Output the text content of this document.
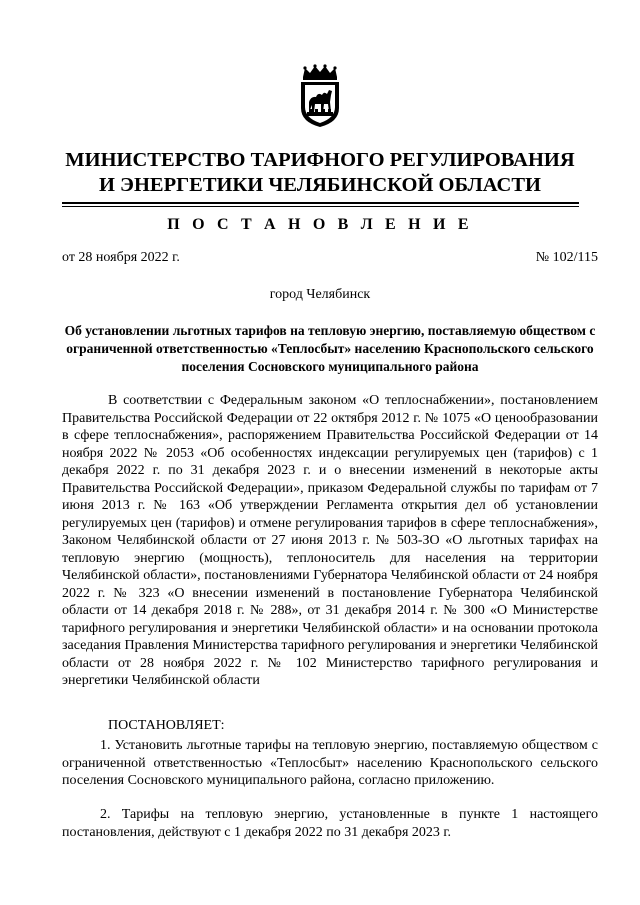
МИНИСТЕРСТВО ТАРИФНОГО РЕГУЛИРОВАНИЯ
И ЭНЕРГЕТИКИ ЧЕЛЯБИНСКОЙ ОБЛАСТИ
П О С Т А Н О В Л Е Н И Е
от 28 ноября 2022 г.	№ 102/115
город Челябинск
Об установлении льготных тарифов на тепловую энергию, поставляемую обществом с ограниченной ответственностью «Теплосбыт» населению Краснопольского сельского поселения Сосновского муниципального района

В соответствии с Федеральным законом «О теплоснабжении», постановлением Правительства Российской Федерации от 22 октября 2012 г. № 1075 «О ценообразовании в сфере теплоснабжения», распоряжением Правительства Российской Федерации от 14 ноября 2022 № 2053 «Об особенностях индексации регулируемых цен (тарифов) с 1 декабря 2022 г. по 31 декабря 2023 г. и о внесении изменений в некоторые акты Правительства Российской Федерации», приказом Федеральной службы по тарифам от 7 июня 2013 г. № 163 «Об утверждении Регламента открытия дел об установлении регулируемых цен (тарифов) и отмене регулирования тарифов в сфере теплоснабжения», Законом Челябинской области от 27 июня 2013 г. № 503-ЗО «О льготных тарифах на тепловую энергию (мощность), теплоноситель для населения на территории Челябинской области», постановлениями Губернатора Челябинской области от 24 ноября 2022 г. № 323 «О внесении изменений в постановление Губернатора Челябинской области от 14 декабря 2018 г. № 288», от 31 декабря 2014 г. № 300 «О Министерстве тарифного регулирования и энергетики Челябинской области» и на основании протокола заседания Правления Министерства тарифного регулирования и энергетики Челябинской области от 28 ноября 2022 г. № 102 Министерство тарифного регулирования и энергетики Челябинской области

ПОСТАНОВЛЯЕТ:

1. Установить льготные тарифы на тепловую энергию, поставляемую обществом с ограниченной ответственностью «Теплосбыт» населению Краснопольского сельского поселения Сосновского муниципального района, согласно приложению.

2. Тарифы на тепловую энергию, установленные в пункте 1 настоящего постановления, действуют с 1 декабря 2022 по 31 декабря 2023 г.
